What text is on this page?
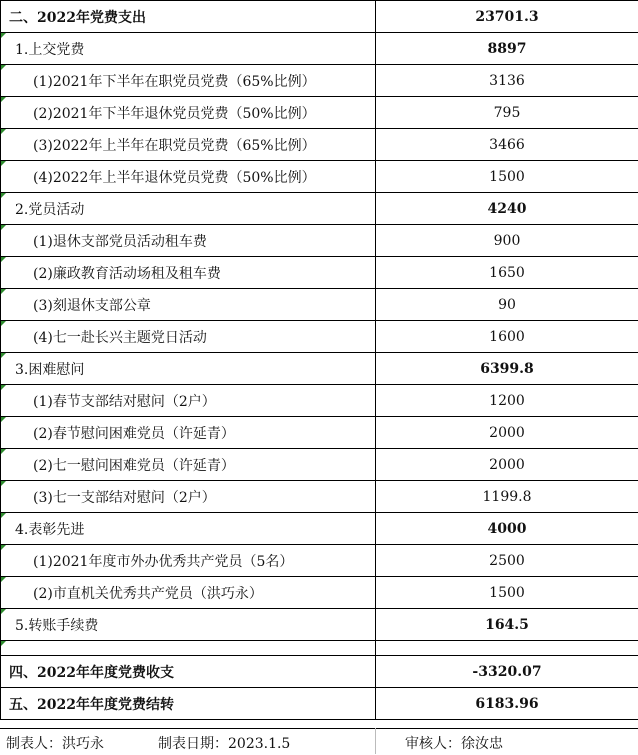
二、2022年党费支出	23701.3

1.上交党费	8897

(1)2021年下半年在职党员党费（65%比例）	3136

(2)2021年下半年退休党员党费（50%比例）	795

(3)2022年上半年在职党员党费（65%比例）	3466

(4)2022年上半年退休党员党费（50%比例）	1500

2.党员活动	4240

(1)退休支部党员活动租车费	900

(2)廉政教育活动场租及租车费	1650

(3)刻退休支部公章	90

(4)七一赴长兴主题党日活动	1600

3.困难慰问	6399.8

(1)春节支部结对慰问（2户）	1200

(2)春节慰问困难党员（许延青）	2000

(2)七一慰问困难党员（许延青）	2000

(3)七一支部结对慰问（2户）	1199.8

4.表彰先进	4000

(1)2021年度市外办优秀共产党员（5名）	2500

(2)市直机关优秀共产党员（洪巧永）	1500

5.转账手续费	164.5

四、2022年年度党费收支	-3320.07
五、2022年年度党费结转	6183.96
制表人：洪巧永	制表日期：2023.1.5	审核人：徐汝忠
